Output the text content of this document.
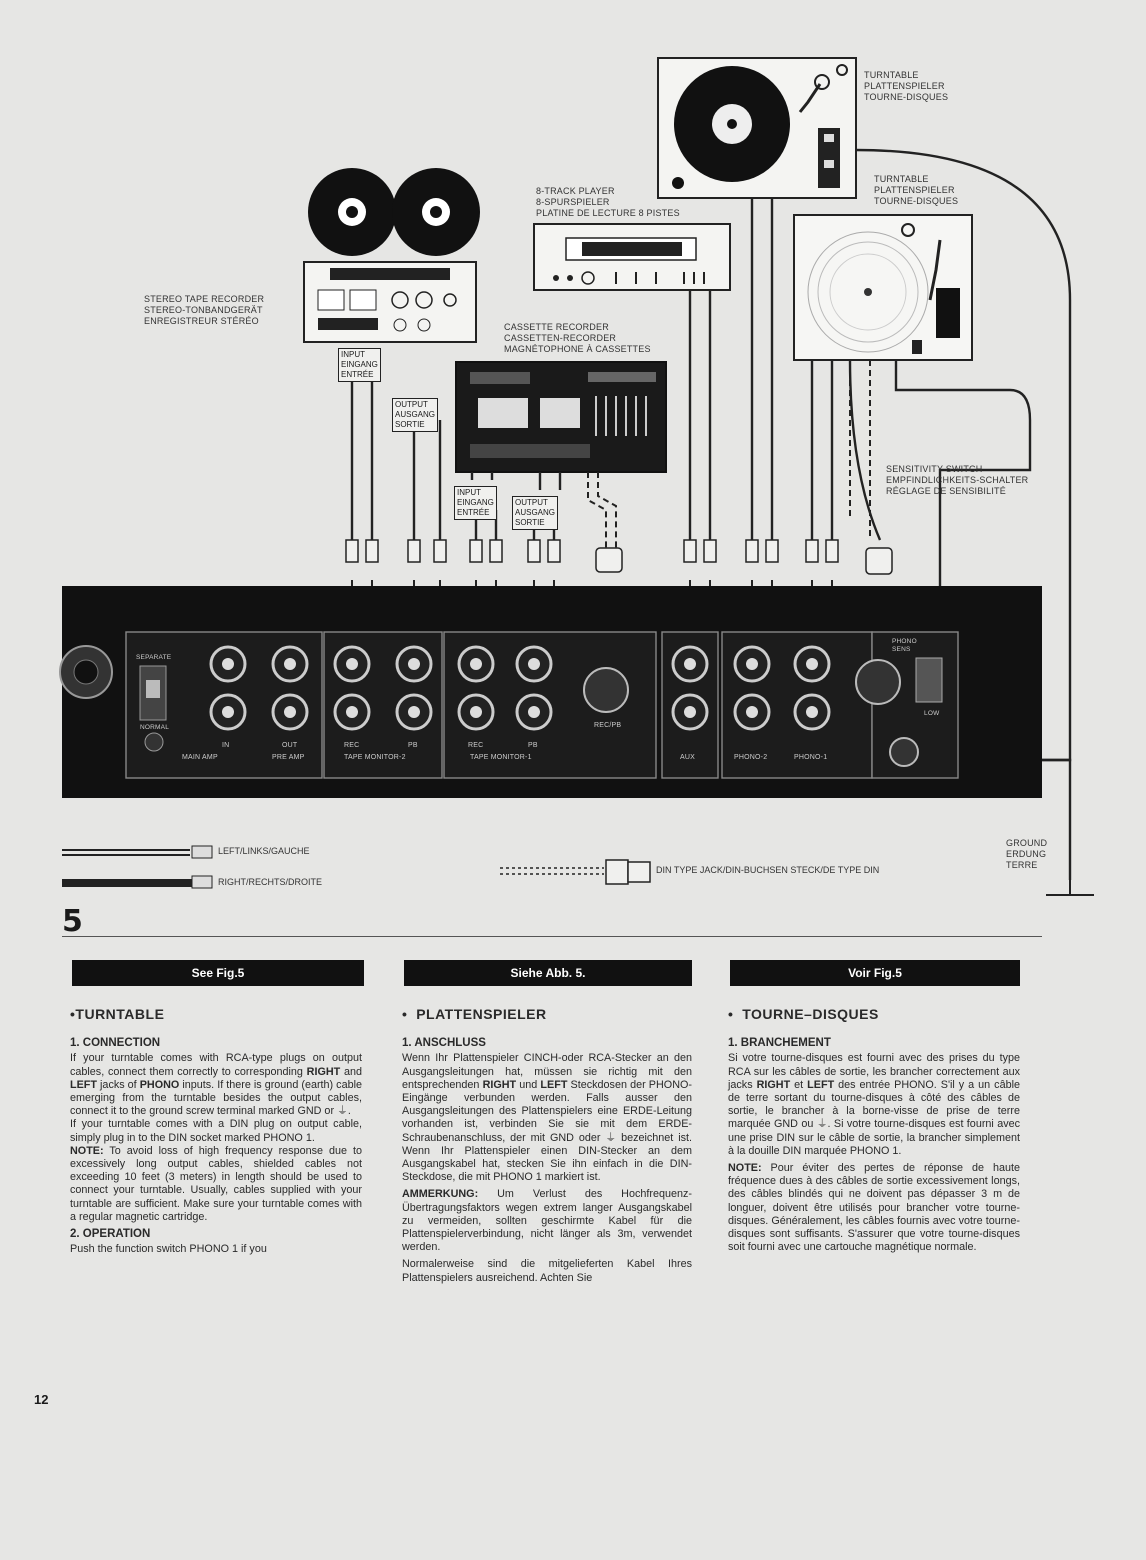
TURNTABLE
PLATTENSPIELER
TOURNE-DISQUES
TURNTABLE
PLATTENSPIELER
TOURNE-DISQUES
8-TRACK PLAYER
8-SPURSPIELER
PLATINE DE LECTURE 8 PISTES
STEREO TAPE RECORDER
STEREO-TONBANDGERÄT
ENREGISTREUR STÉRÉO
CASSETTE RECORDER
CASSETTEN-RECORDER
MAGNÉTOPHONE À CASSETTES
SENSITIVITY SWITCH
EMPFINDLICHKEITS-SCHALTER
RÉGLAGE DE SENSIBILITÉ
GROUND
ERDUNG
TERRE
INPUT
EINGANG
ENTRÉE
OUTPUT
AUSGANG
SORTIE
INPUT
EINGANG
ENTRÉE
OUTPUT
AUSGANG
SORTIE
SEPARATE
NORMAL
IN	OUT	REC	PB	REC	PB
REC/PB
MAIN AMP	PRE AMP	TAPE MONITOR-2	TAPE MONITOR-1	AUX	PHONO-2	PHONO-1
PHONO
SENS
LOW
LEFT/LINKS/GAUCHE
RIGHT/RECHTS/DROITE
DIN TYPE JACK/DIN-BUCHSEN STECK/DE TYPE DIN
5
See Fig.5	Siehe Abb. 5.	Voir Fig.5
•TURNTABLE
1. CONNECTION

If your turntable comes with RCA-type plugs on output cables, connect them correctly to corresponding RIGHT and LEFT jacks of PHONO inputs. If there is ground (earth) cable emerging from the turntable besides the output cables, connect it to the ground screw terminal marked GND or ⏚.

If your turntable comes with a DIN plug on output cable, simply plug in to the DIN socket marked PHONO 1.

NOTE: To avoid loss of high frequency response due to excessively long output cables, shielded cables not exceeding 10 feet (3 meters) in length should be used to connect your turntable. Usually, cables supplied with your turntable are sufficient. Make sure your turntable comes with a regular magnetic cartridge.

2. OPERATION

Push the function switch PHONO 1 if you

•  PLATTENSPIELER
1. ANSCHLUSS

Wenn Ihr Plattenspieler CINCH-oder RCA-Stecker an den Ausgangsleitungen hat, müssen sie richtig mit den entsprechenden RIGHT und LEFT Steckdosen der PHONO-Eingänge verbunden werden. Falls ausser den Ausgangsleitungen des Plattenspielers eine ERDE-Leitung vorhanden ist, verbinden Sie sie mit dem ERDE-Schraubenanschluss, der mit GND oder ⏚ bezeichnet ist. Wenn Ihr Plattenspieler einen DIN-Stecker an dem Ausgangskabel hat, stecken Sie ihn einfach in die DIN-Steckdose, die mit PHONO 1 markiert ist.

AMMERKUNG: Um Verlust des Hochfrequenz-Übertragungsfaktors wegen extrem langer Ausgangskabel zu vermeiden, sollten geschirmte Kabel für die Plattenspielerverbindung, nicht länger als 3m, verwendet werden.

Normalerweise sind die mitgelieferten Kabel Ihres Plattenspielers ausreichend. Achten Sie

•  TOURNE–DISQUES
1. BRANCHEMENT

Si votre tourne-disques est fourni avec des prises du type RCA sur les câbles de sortie, les brancher correctement aux jacks RIGHT et LEFT des entrée PHONO. S'il y a un câble de terre sortant du tourne-disques à côté des câbles de sortie, le brancher à la borne-visse de prise de terre marquée GND ou ⏚. Si votre tourne-disques est fourni avec une prise DIN sur le câble de sortie, la brancher simplement à la douille DIN marquée PHONO 1.

NOTE: Pour éviter des pertes de réponse de haute fréquence dues à des câbles de sortie excessivement longs, des câbles blindés qui ne doivent pas dépasser 3 m de longuer, doivent être utilisés pour brancher votre tourne-disques. Généralement, les câbles fournis avec votre tourne-disques sont suffisants. S'assurer que votre tourne-disques soit fourni avec une cartouche magnétique normale.

12
